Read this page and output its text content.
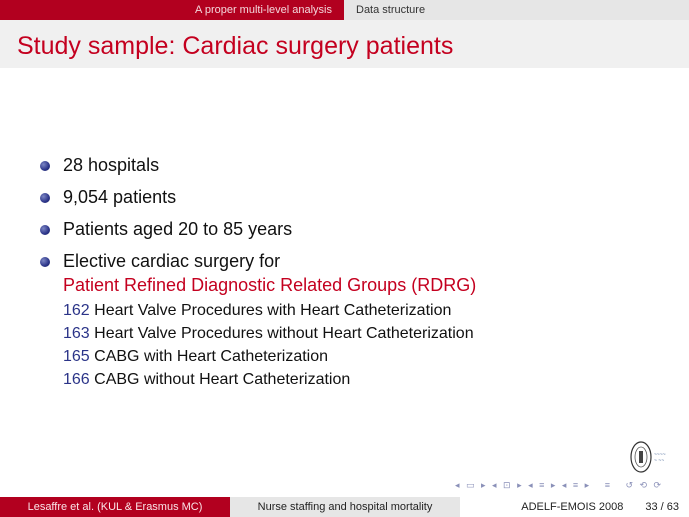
A proper multi-level analysis Data structure
Study sample: Cardiac surgery patients
28 hospitals
9,054 patients
Patients aged 20 to 85 years
Elective cardiac surgery for
Patient Refined Diagnostic Related Groups (RDRG)
162 Heart Valve Procedures with Heart Catheterization
163 Heart Valve Procedures without Heart Catheterization
165 CABG with Heart Catheterization
166 CABG without Heart Catheterization
~~~~
~ ~~
◂ ▭ ▸ ◂ ⊡ ▸ ◂ ≡ ▸ ◂ ≡ ▸   ≡   ↺ ⟲ ⟳
Lesaffre et al. (KUL & Erasmus MC)	Nurse staffing and hospital mortality	ADELF-EMOIS 2008 33 / 63
